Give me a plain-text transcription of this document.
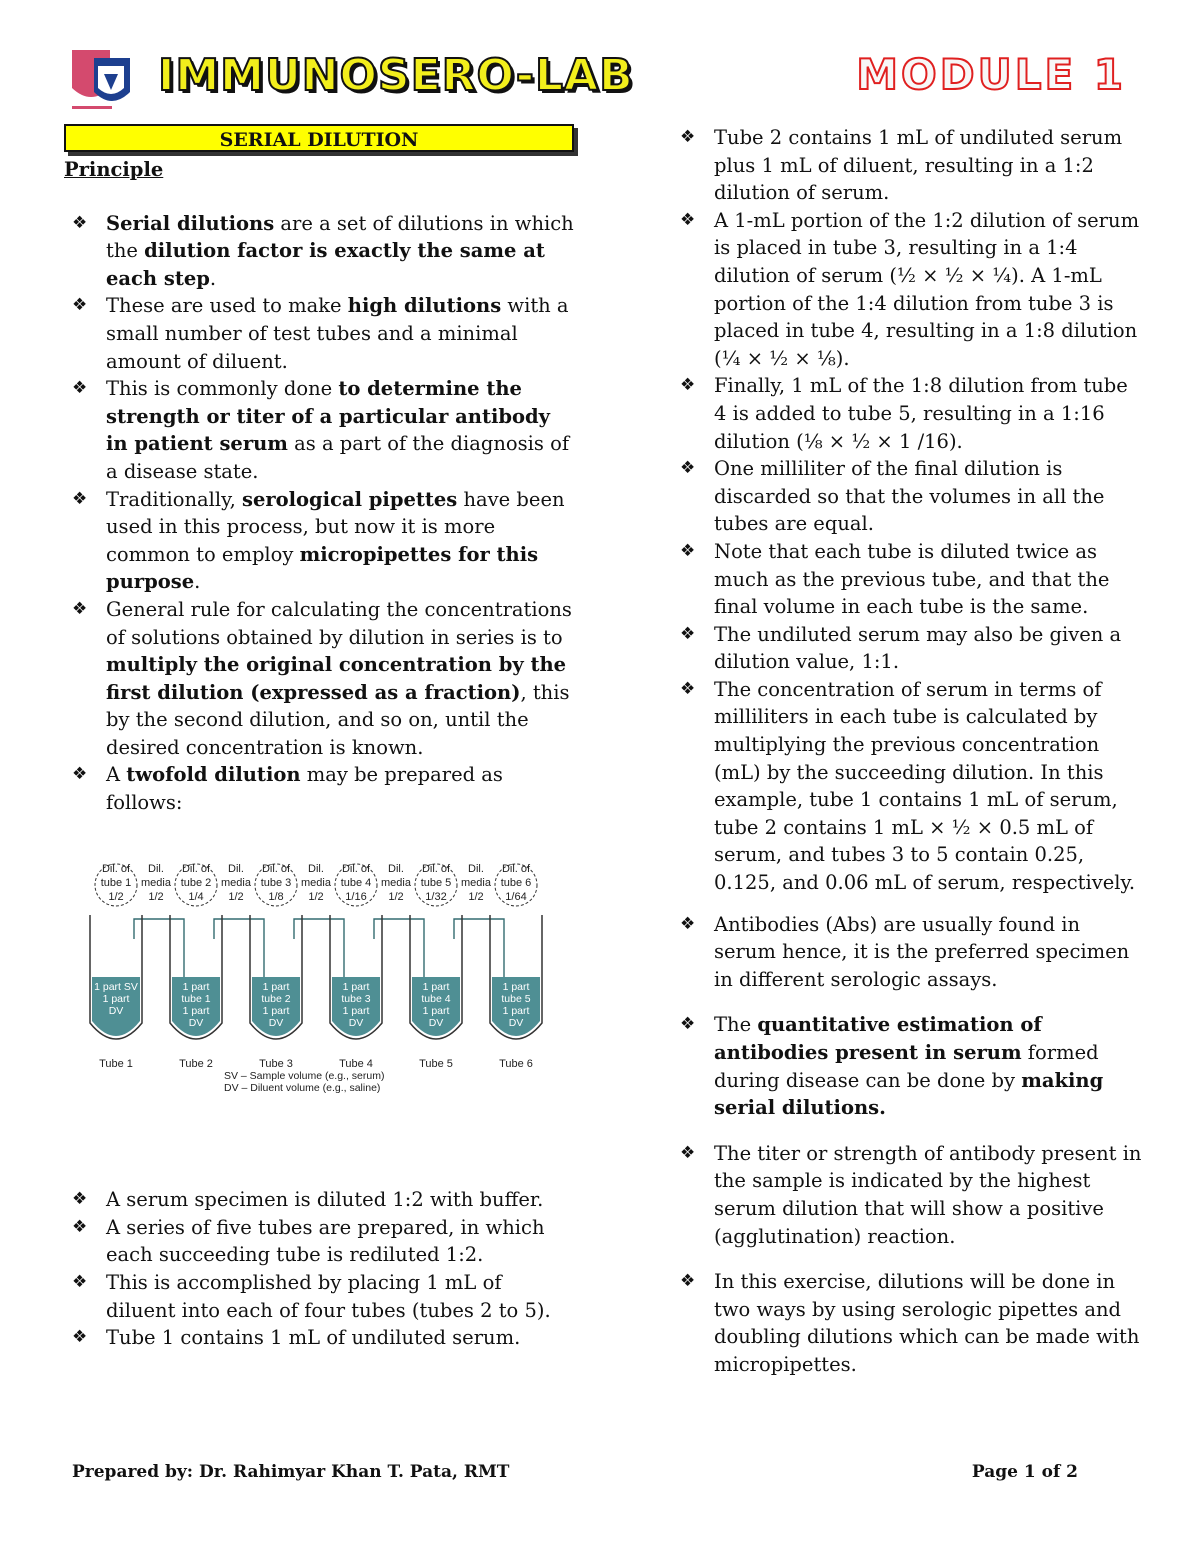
IMMUNOSERO-LAB	MODULE 1
SERIAL DILUTION
Principle
❖ Serial dilutions are a set of dilutions in which the dilution factor is exactly the same at each step.
❖ These are used to make high dilutions with a small number of test tubes and a minimal amount of diluent.
❖ This is commonly done to determine the strength or titer of a particular antibody in patient serum as a part of the diagnosis of a disease state.
❖ Traditionally, serological pipettes have been used in this process, but now it is more common to employ micropipettes for this purpose.
❖ General rule for calculating the concentrations of solutions obtained by dilution in series is to multiply the original concentration by the first dilution (expressed as a fraction), this by the second dilution, and so on, until the desired concentration is known.
❖ A twofold dilution may be prepared as follows:
Dil. of
tube 1
1/2
Dil.
media
1/2
Dil. of
tube 2
1/4
Dil.
media
1/2
Dil. of
tube 3
1/8
Dil.
media
1/2
Dil. of
tube 4
1/16
Dil.
media
1/2
Dil. of
tube 5
1/32
Dil.
media
1/2
Dil. of
tube 6
1/64
1 part SV
1 part
DV
Tube 1
1 part
tube 1
1 part
DV
Tube 2
1 part
tube 2
1 part
DV
Tube 3
1 part
tube 3
1 part
DV
Tube 4
1 part
tube 4
1 part
DV
Tube 5
1 part
tube 5
1 part
DV
Tube 6
SV – Sample volume (e.g., serum)
DV – Diluent volume (e.g., saline)
❖ A serum specimen is diluted 1:2 with buffer.
❖ A series of five tubes are prepared, in which each succeeding tube is rediluted 1:2.
❖ This is accomplished by placing 1 mL of diluent into each of four tubes (tubes 2 to 5).
❖ Tube 1 contains 1 mL of undiluted serum.
❖ Tube 2 contains 1 mL of undiluted serum plus 1 mL of diluent, resulting in a 1:2 dilution of serum.
❖ A 1-mL portion of the 1:2 dilution of serum is placed in tube 3, resulting in a 1:4 dilution of serum (½ × ½ × ¼). A 1-mL portion of the 1:4 dilution from tube 3 is placed in tube 4, resulting in a 1:8 dilution (¼ × ½ × ⅛).
❖ Finally, 1 mL of the 1:8 dilution from tube 4 is added to tube 5, resulting in a 1:16 dilution (⅛ × ½ × 1 /16).
❖ One milliliter of the final dilution is discarded so that the volumes in all the tubes are equal.
❖ Note that each tube is diluted twice as much as the previous tube, and that the final volume in each tube is the same.
❖ The undiluted serum may also be given a dilution value, 1:1.
❖ The concentration of serum in terms of milliliters in each tube is calculated by multiplying the previous concentration (mL) by the succeeding dilution. In this example, tube 1 contains 1 mL of serum, tube 2 contains 1 mL × ½ × 0.5 mL of serum, and tubes 3 to 5 contain 0.25, 0.125, and 0.06 mL of serum, respectively.
❖ Antibodies (Abs) are usually found in serum hence, it is the preferred specimen in different serologic assays.
❖ The quantitative estimation of antibodies present in serum formed during disease can be done by making serial dilutions.
❖ The titer or strength of antibody present in the sample is indicated by the highest serum dilution that will show a positive (agglutination) reaction.
❖ In this exercise, dilutions will be done in two ways by using serologic pipettes and doubling dilutions which can be made with micropipettes.
Prepared by: Dr. Rahimyar Khan T. Pata, RMT	Page 1 of 2
